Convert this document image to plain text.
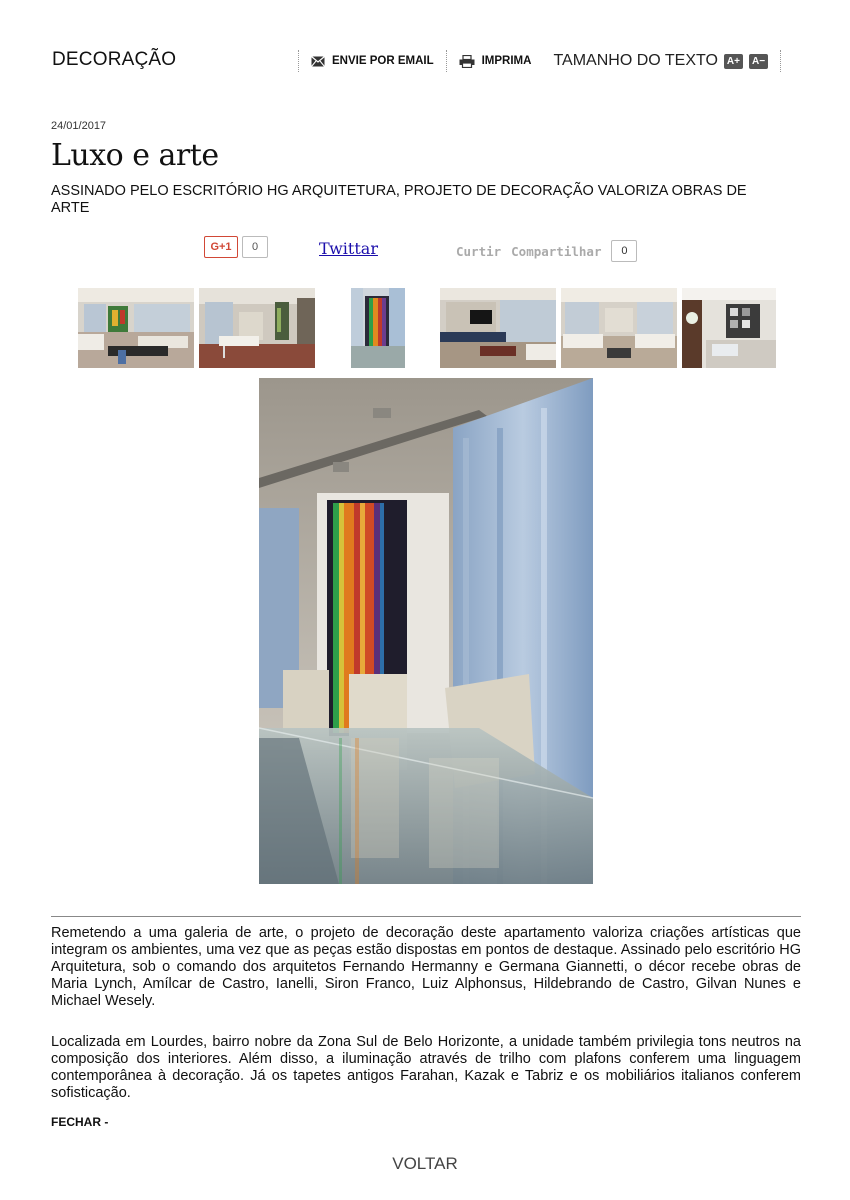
DECORAÇÃO	ENVIE POR EMAIL	IMPRIMA TAMANHO DO TEXTO A+	A−
24/01/2017
Luxo e arte
ASSINADO PELO ESCRITÓRIO HG ARQUITETURA, PROJETO DE DECORAÇÃO VALORIZA OBRAS DE ARTE
G+1	0	Twittar	Curtir Compartilhar	0
Remetendo a uma galeria de arte, o projeto de decoração deste apartamento valoriza criações artísticas que integram os ambientes, uma vez que as peças estão dispostas em pontos de destaque. Assinado pelo escritório HG Arquitetura, sob o comando dos arquitetos Fernando Hermanny e Germana Giannetti, o décor recebe obras de Maria Lynch, Amílcar de Castro, Ianelli, Siron Franco, Luiz Alphonsus, Hildebrando de Castro, Gilvan Nunes e Michael Wesely.
Localizada em Lourdes, bairro nobre da Zona Sul de Belo Horizonte, a unidade também privilegia tons neutros na composição dos interiores. Além disso, a iluminação através de trilho com plafons conferem uma linguagem contemporânea à decoração. Já os tapetes antigos Farahan, Kazak e Tabriz e os mobiliários italianos conferem sofisticação.
FECHAR -
VOLTAR
